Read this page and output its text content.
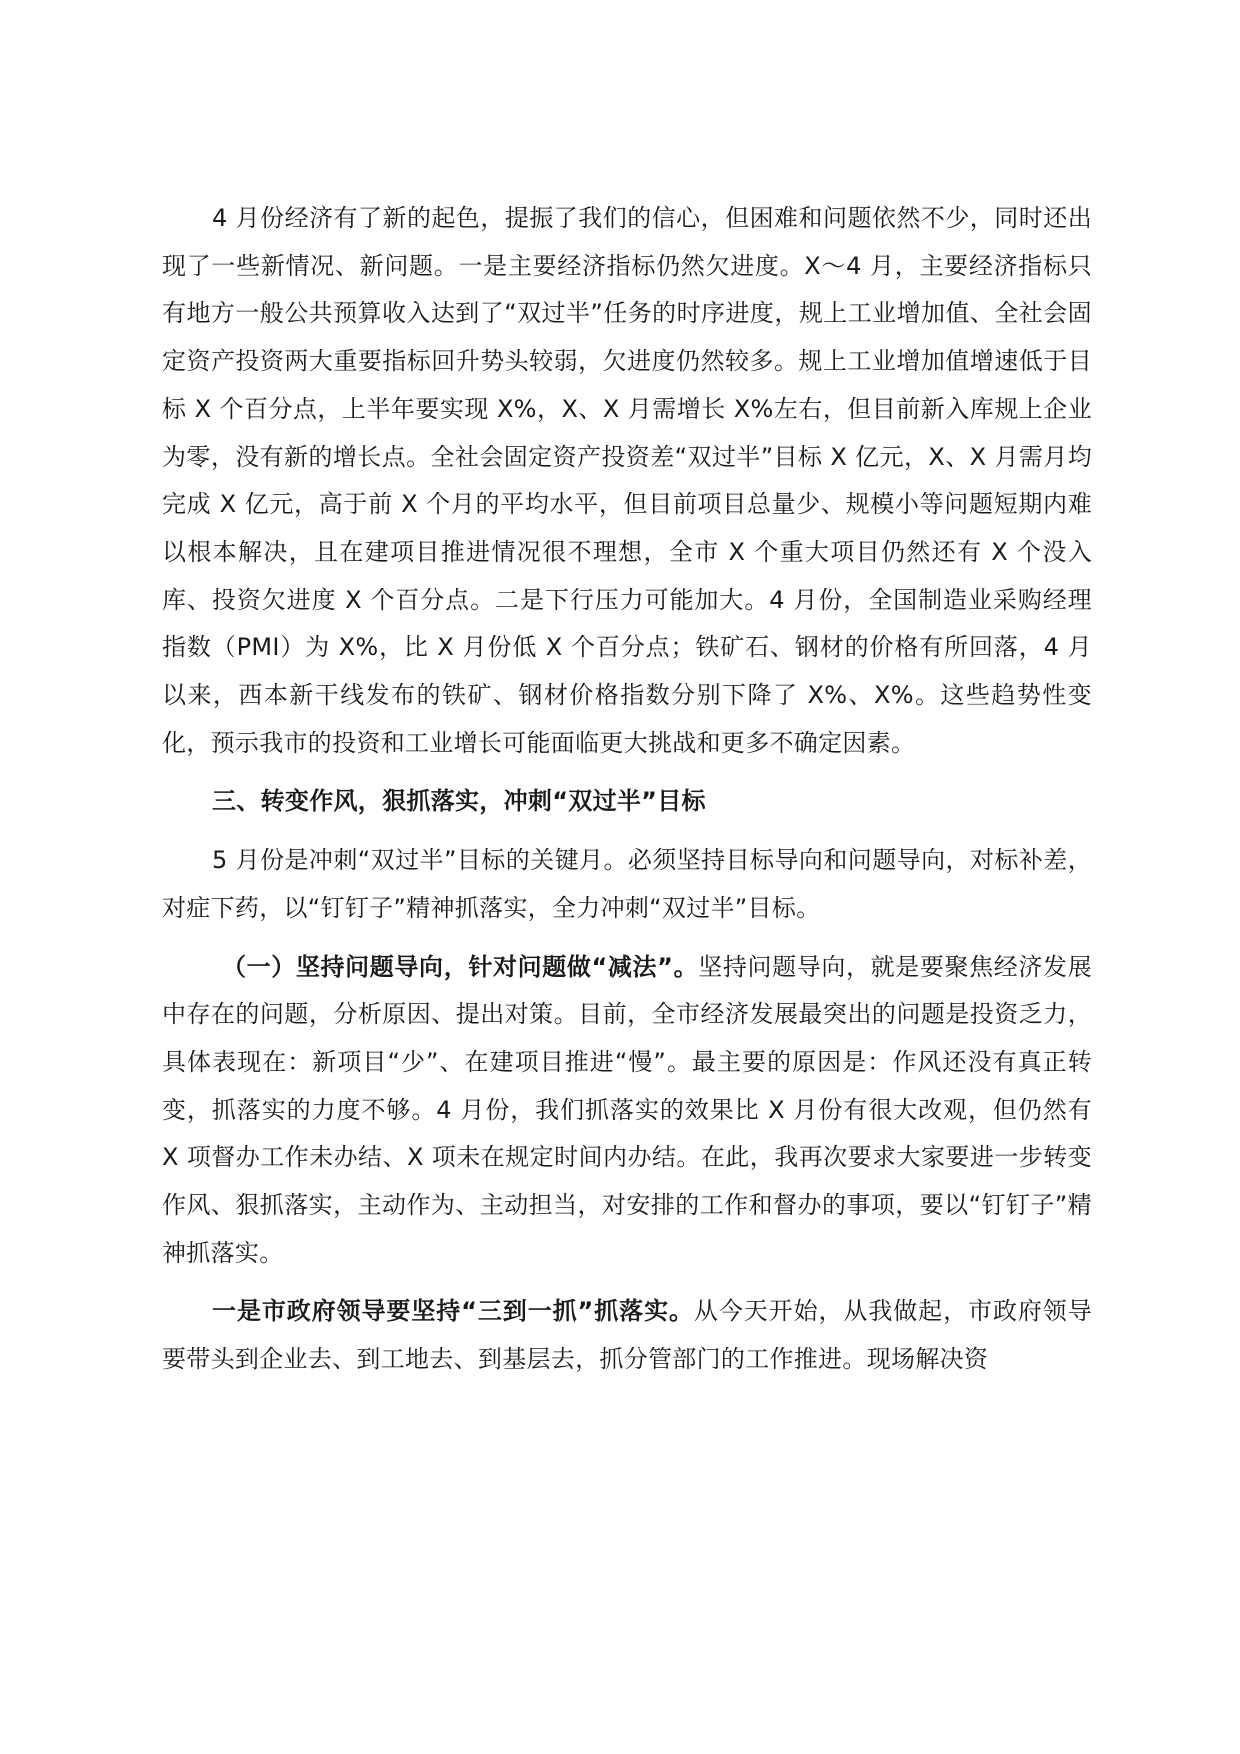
4 月份经济有了新的起色，提振了我们的信心，但困难和问题依然不少，同时还出现了一些新情况、新问题。一是主要经济指标仍然欠进度。X～4 月，主要经济指标只有地方一般公共预算收入达到了“双过半”任务的时序进度，规上工业增加值、全社会固定资产投资两大重要指标回升势头较弱，欠进度仍然较多。规上工业增加值增速低于目标 X 个百分点，上半年要实现 X%，X、X 月需增长 X%左右，但目前新入库规上企业为零，没有新的增长点。全社会固定资产投资差“双过半”目标 X 亿元，X、X 月需月均完成 X 亿元，高于前 X 个月的平均水平，但目前项目总量少、规模小等问题短期内难以根本解决，且在建项目推进情况很不理想，全市 X 个重大项目仍然还有 X 个没入库、投资欠进度 X 个百分点。二是下行压力可能加大。4 月份，全国制造业采购经理指数（PMI）为 X%，比 X 月份低 X 个百分点；铁矿石、钢材的价格有所回落，4 月以来，西本新干线发布的铁矿、钢材价格指数分别下降了 X%、X%。这些趋势性变化，预示我市的投资和工业增长可能面临更大挑战和更多不确定因素。

三、转变作风，狠抓落实，冲刺“双过半”目标

5 月份是冲刺“双过半”目标的关键月。必须坚持目标导向和问题导向，对标补差，对症下药，以“钉钉子”精神抓落实，全力冲刺“双过半”目标。

（一）坚持问题导向，针对问题做“减法”。坚持问题导向，就是要聚焦经济发展中存在的问题，分析原因、提出对策。目前，全市经济发展最突出的问题是投资乏力，具体表现在：新项目“少”、在建项目推进“慢”。最主要的原因是：作风还没有真正转变，抓落实的力度不够。4 月份，我们抓落实的效果比 X 月份有很大改观，但仍然有 X 项督办工作未办结、X 项未在规定时间内办结。在此，我再次要求大家要进一步转变作风、狠抓落实，主动作为、主动担当，对安排的工作和督办的事项，要以“钉钉子”精神抓落实。

一是市政府领导要坚持“三到一抓”抓落实。从今天开始，从我做起，市政府领导要带头到企业去、到工地去、到基层去，抓分管部门的工作推进。现场解决资
